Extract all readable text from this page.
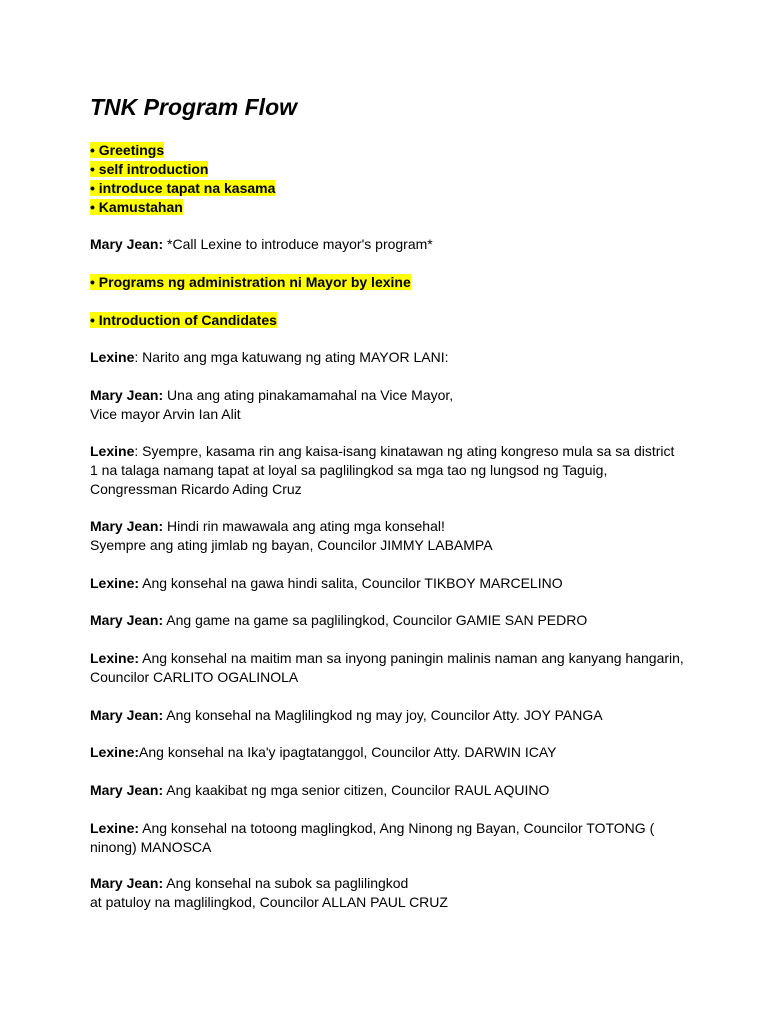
TNK Program Flow
• Greetings
• self introduction
• introduce tapat na kasama
• Kamustahan
Mary Jean: *Call Lexine to introduce mayor's program*
• Programs ng administration ni Mayor by lexine
• Introduction of Candidates
Lexine: Narito ang mga katuwang ng ating MAYOR LANI:
Mary Jean: Una ang ating pinakamamahal na Vice Mayor,
Vice mayor Arvin Ian Alit
Lexine: Syempre, kasama rin ang kaisa-isang kinatawan ng ating kongreso mula sa sa district
1 na talaga namang tapat at loyal sa paglilingkod sa mga tao ng lungsod ng Taguig,
Congressman Ricardo Ading Cruz
Mary Jean: Hindi rin mawawala ang ating mga konsehal!
Syempre ang ating jimlab ng bayan, Councilor JIMMY LABAMPA
Lexine: Ang konsehal na gawa hindi salita, Councilor TIKBOY MARCELINO
Mary Jean: Ang game na game sa paglilingkod, Councilor GAMIE SAN PEDRO
Lexine: Ang konsehal na maitim man sa inyong paningin malinis naman ang kanyang hangarin,
Councilor CARLITO OGALINOLA
Mary Jean: Ang konsehal na Maglilingkod ng may joy, Councilor Atty. JOY PANGA
Lexine:Ang konsehal na Ika'y ipagtatanggol, Councilor Atty. DARWIN ICAY
Mary Jean: Ang kaakibat ng mga senior citizen, Councilor RAUL AQUINO
Lexine: Ang konsehal na totoong maglingkod, Ang Ninong ng Bayan, Councilor TOTONG (
ninong) MANOSCA
Mary Jean: Ang konsehal na subok sa paglilingkod
at patuloy na maglilingkod, Councilor ALLAN PAUL CRUZ
